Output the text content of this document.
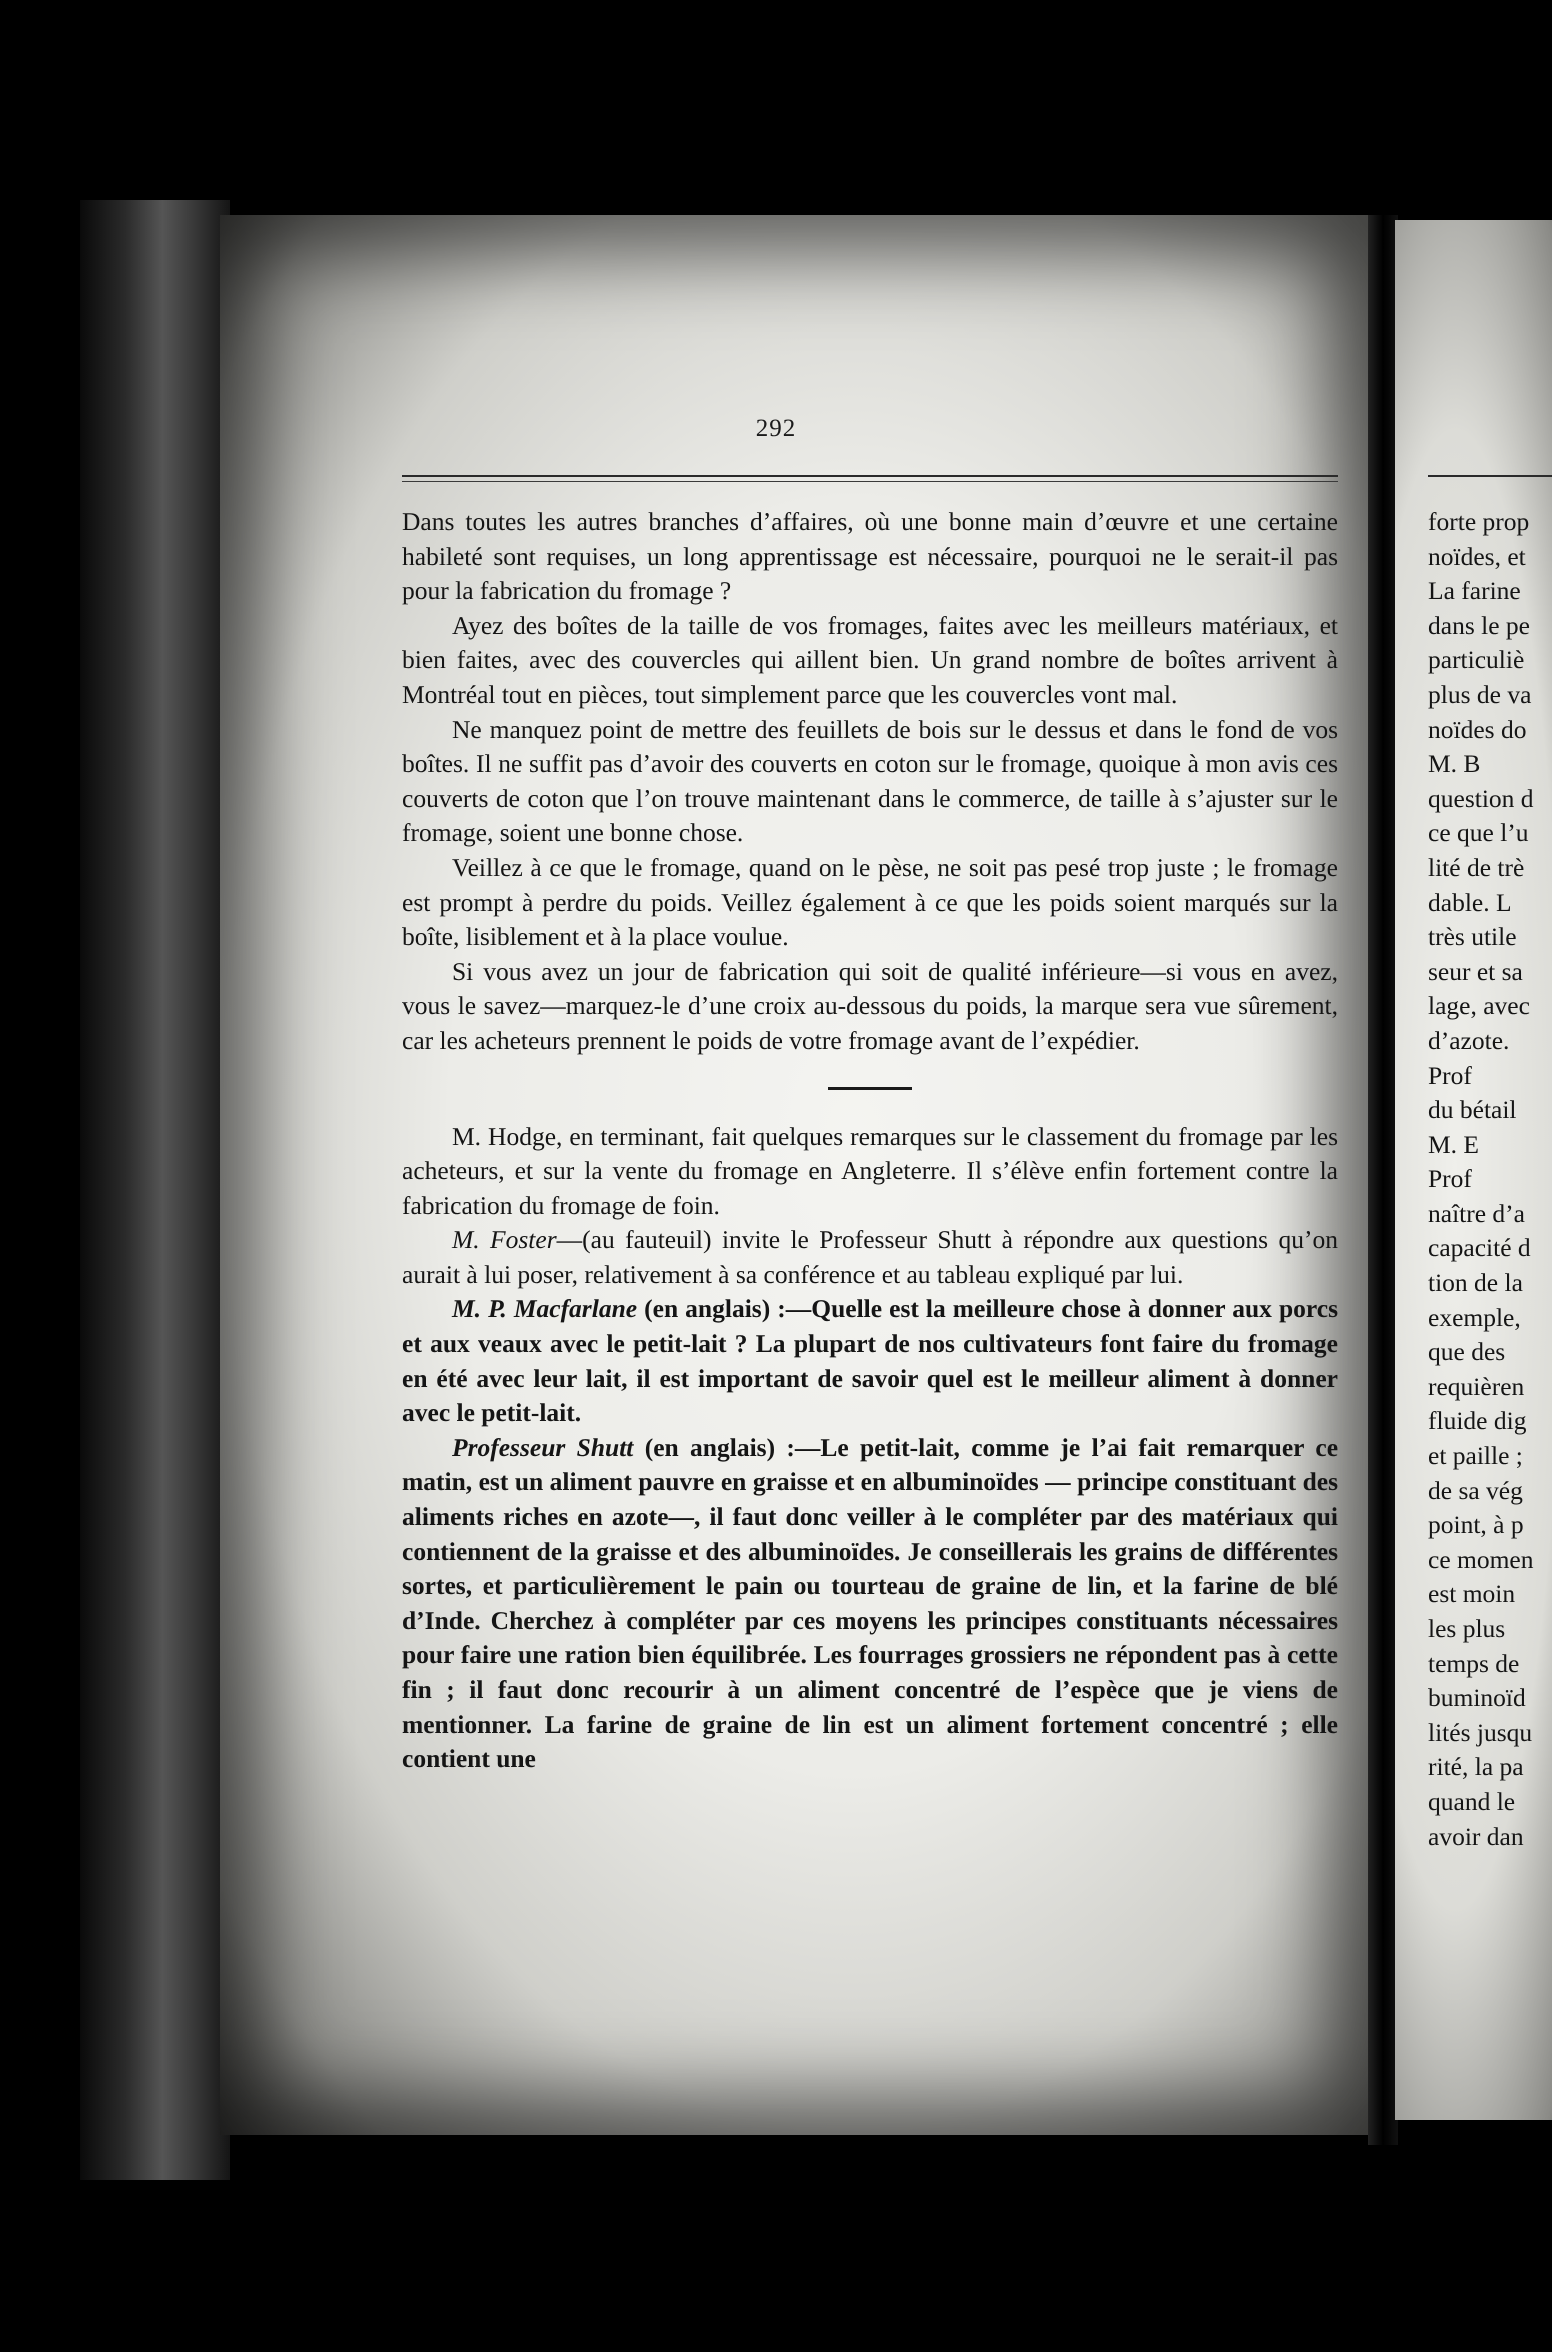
292

Dans toutes les autres branches d’affaires, où une bonne main d’œuvre et une certaine habileté sont requises, un long apprentissage est nécessaire, pourquoi ne le serait-il pas pour la fabrication du fromage ?

Ayez des boîtes de la taille de vos fromages, faites avec les meilleurs matériaux, et bien faites, avec des couvercles qui aillent bien. Un grand nombre de boîtes arrivent à Montréal tout en pièces, tout simplement parce que les couvercles vont mal.

Ne manquez point de mettre des feuillets de bois sur le dessus et dans le fond de vos boîtes. Il ne suffit pas d’avoir des couverts en coton sur le fromage, quoique à mon avis ces couverts de coton que l’on trouve maintenant dans le commerce, de taille à s’ajuster sur le fromage, soient une bonne chose.

Veillez à ce que le fromage, quand on le pèse, ne soit pas pesé trop juste ; le fromage est prompt à perdre du poids. Veillez également à ce que les poids soient marqués sur la boîte, lisiblement et à la place voulue.

Si vous avez un jour de fabrication qui soit de qualité inférieure—si vous en avez, vous le savez—marquez-le d’une croix au-dessous du poids, la marque sera vue sûrement, car les acheteurs prennent le poids de votre fromage avant de l’expédier.

M. Hodge, en terminant, fait quelques remarques sur le classement du fromage par les acheteurs, et sur la vente du fromage en Angleterre. Il s’élève enfin fortement contre la fabrication du fromage de foin.

M. Foster—(au fauteuil) invite le Professeur Shutt à répondre aux questions qu’on aurait à lui poser, relativement à sa conférence et au tableau expliqué par lui.

M. P. Macfarlane (en anglais) :—Quelle est la meilleure chose à donner aux porcs et aux veaux avec le petit-lait ? La plupart de nos cultivateurs font faire du fromage en été avec leur lait, il est important de savoir quel est le meilleur aliment à donner avec le petit-lait.

Professeur Shutt (en anglais) :—Le petit-lait, comme je l’ai fait remarquer ce matin, est un aliment pauvre en graisse et en albuminoïdes — principe constituant des aliments riches en azote—, il faut donc veiller à le compléter par des matériaux qui contiennent de la graisse et des albuminoïdes. Je conseillerais les grains de différentes sortes, et particulièrement le pain ou tourteau de graine de lin, et la farine de blé d’Inde. Cherchez à compléter par ces moyens les principes constituants nécessaires pour faire une ration bien équilibrée. Les fourrages grossiers ne répondent pas à cette fin ; il faut donc recourir à un aliment concentré de l’espèce que je viens de mentionner. La farine de graine de lin est un aliment fortement concentré ; elle contient une

forte prop
noïdes, et
La farine
dans le pe
particuliè
plus de va
noïdes do
M. B
question d
ce que l’u
lité de trè
dable. L
très utile
seur et sa
lage, avec
d’azote.
Prof
du bétail
M. E
Prof
naître d’a
capacité d
tion de la
exemple,
que des
requièren
fluide dig
et paille ;
de sa vég
point, à p
ce momen
est moin
les plus
temps de
buminoïd
lités jusqu
rité, la pa
quand le
avoir dan
